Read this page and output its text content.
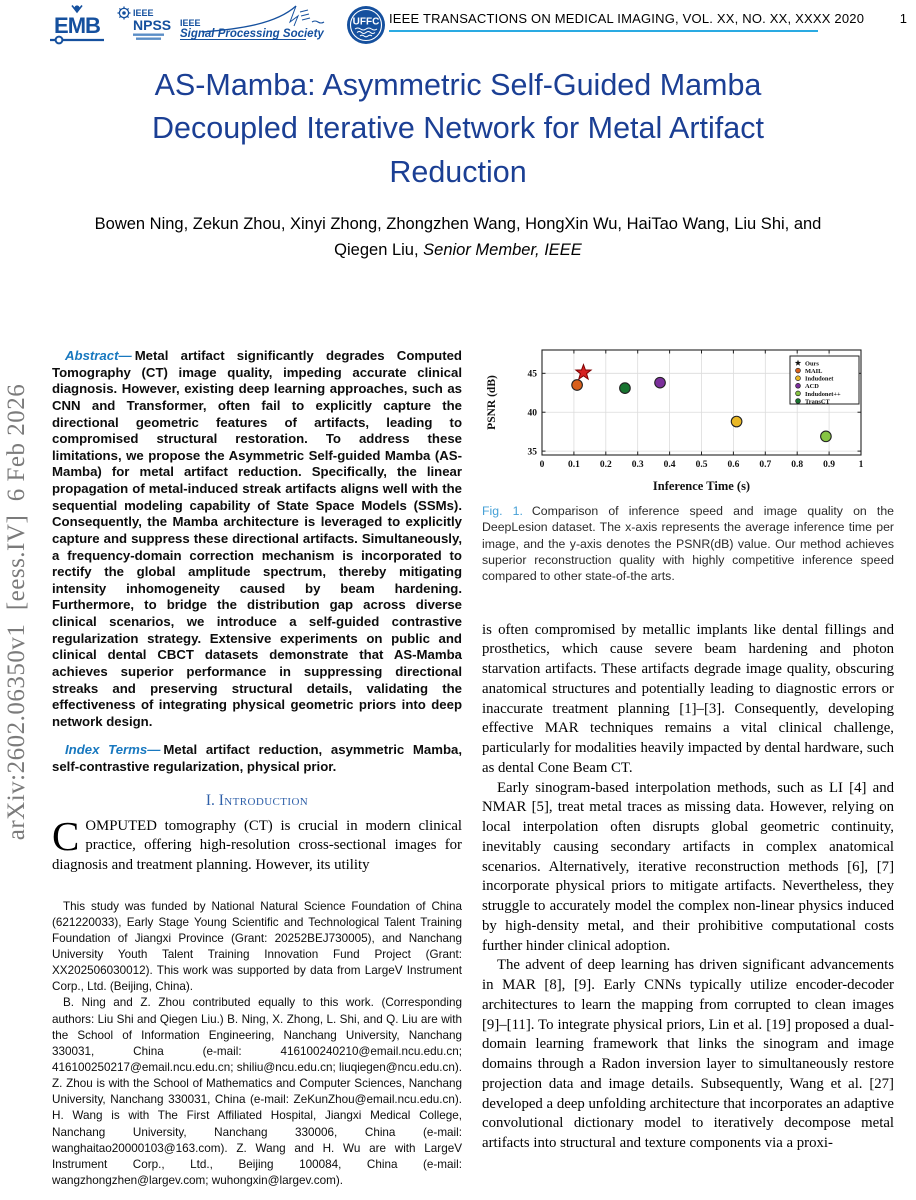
EMB	IEEE
NPSS IEEE
Signal Processing Society
UFFC IEEE TRANSACTIONS ON MEDICAL IMAGING, VOL. XX, NO. XX, XXXX 2020	1
AS-Mamba: Asymmetric Self-Guided Mamba
Decoupled Iterative Network for Metal Artifact
Reduction
Bowen Ning, Zekun Zhou, Xinyi Zhong, Zhongzhen Wang, HongXin Wu, HaiTao Wang, Liu Shi, and
Qiegen Liu, Senior Member, IEEE
arXiv:2602.06350v1  [eess.IV]  6 Feb 2026

Abstract— Metal artifact significantly degrades Computed Tomography (CT) image quality, impeding accurate clinical diagnosis. However, existing deep learning approaches, such as CNN and Transformer, often fail to explicitly capture the directional geometric features of artifacts, leading to compromised structural restoration. To address these limitations, we propose the Asymmetric Self-guided Mamba (AS-Mamba) for metal artifact reduction. Specifically, the linear propagation of metal-induced streak artifacts aligns well with the sequential modeling capability of State Space Models (SSMs). Consequently, the Mamba architecture is leveraged to explicitly capture and suppress these directional artifacts. Simultaneously, a frequency-domain correction mechanism is incorporated to rectify the global amplitude spectrum, thereby mitigating intensity inhomogeneity caused by beam hardening. Furthermore, to bridge the distribution gap across diverse clinical scenarios, we introduce a self-guided contrastive regularization strategy. Extensive experiments on public and clinical dental CBCT datasets demonstrate that AS-Mamba achieves superior performance in suppressing directional streaks and preserving structural details, validating the effectiveness of integrating physical geometric priors into deep network design.

Index Terms— Metal artifact reduction, asymmetric Mamba, self-contrastive regularization, physical prior.

I. Introduction
COMPUTED tomography (CT) is crucial in modern clinical practice, offering high-resolution cross-sectional images for diagnosis and treatment planning. However, its utility

This study was funded by National Natural Science Foundation of China (621220033), Early Stage Young Scientific and Technological Talent Training Foundation of Jiangxi Province (Grant: 20252BEJ730005), and Nanchang University Youth Talent Training Innovation Fund Project (Grant: XX202506030012). This work was supported by data from LargeV Instrument Corp., Ltd. (Beijing, China).

B. Ning and Z. Zhou contributed equally to this work. (Corresponding authors: Liu Shi and Qiegen Liu.) B. Ning, X. Zhong, L. Shi, and Q. Liu are with the School of Information Engineering, Nanchang University, Nanchang 330031, China (e-mail: 416100240210@email.ncu.edu.cn; 416100250217@email.ncu.edu.cn; shiliu@ncu.edu.cn; liuqiegen@ncu.edu.cn). Z. Zhou is with the School of Mathematics and Computer Sciences, Nanchang University, Nanchang 330031, China (e-mail: ZeKunZhou@email.ncu.edu.cn). H. Wang is with The First Affiliated Hospital, Jiangxi Medical College, Nanchang University, Nanchang 330006, China (e-mail: wanghaitao20000103@163.com). Z. Wang and H. Wu are with LargeV Instrument Corp., Ltd., Beijing 100084, China (e-mail: wangzhongzhen@largev.com; wuhongxin@largev.com).

0 0.1 0.2 0.3 0.4 0.5 0.6 0.7 0.8 0.9 1
35
40
45
Inference Time (s)
PSNR (dB)
Ours
MAIL
Indudonet
ACD
Indudonet++
TransCT
Fig. 1. Comparison of inference speed and image quality on the DeepLesion dataset. The x-axis represents the average inference time per image, and the y-axis denotes the PSNR(dB) value. Our method achieves superior reconstruction quality with highly competitive inference speed compared to other state-of-the arts.

is often compromised by metallic implants like dental fillings and prosthetics, which cause severe beam hardening and photon starvation artifacts. These artifacts degrade image quality, obscuring anatomical structures and potentially leading to diagnostic errors or inaccurate treatment planning [1]–[3]. Consequently, developing effective MAR techniques remains a vital clinical challenge, particularly for modalities heavily impacted by dental hardware, such as dental Cone Beam CT.

Early sinogram-based interpolation methods, such as LI [4] and NMAR [5], treat metal traces as missing data. However, relying on local interpolation often disrupts global geometric continuity, inevitably causing secondary artifacts in complex anatomical scenarios. Alternatively, iterative reconstruction methods [6], [7] incorporate physical priors to mitigate artifacts. Nevertheless, they struggle to accurately model the complex non-linear physics induced by high-density metal, and their prohibitive computational costs further hinder clinical adoption.

The advent of deep learning has driven significant advancements in MAR [8], [9]. Early CNNs typically utilize encoder-decoder architectures to learn the mapping from corrupted to clean images [9]–[11]. To integrate physical priors, Lin et al. [19] proposed a dual-domain learning framework that links the sinogram and image domains through a Radon inversion layer to simultaneously restore projection data and image details. Subsequently, Wang et al. [27] developed a deep unfolding architecture that incorporates an adaptive convolutional dictionary model to iteratively decompose metal artifacts into structural and texture components via a proxi-
